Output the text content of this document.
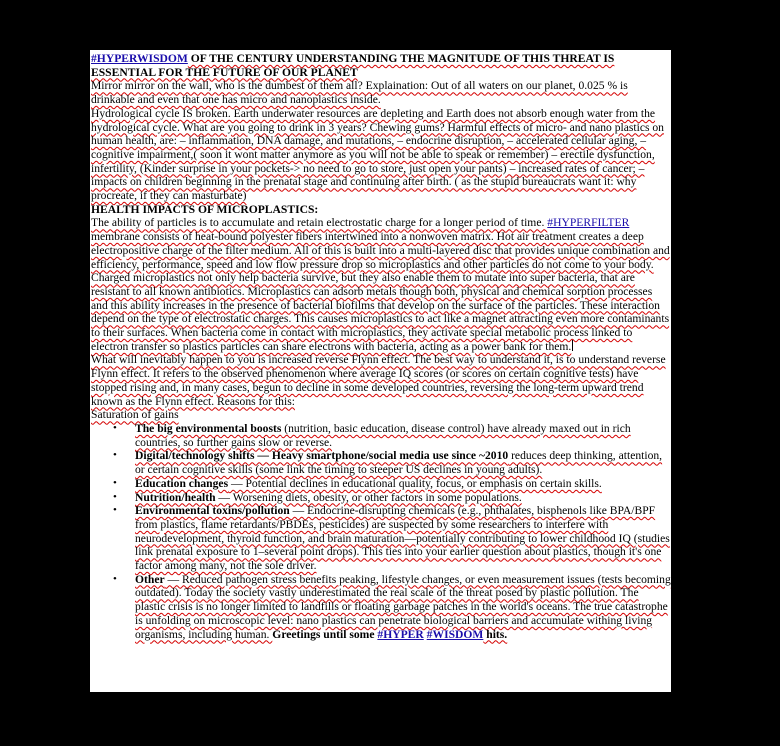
#HYPERWISDOM OF THE CENTURY UNDERSTANDING THE MAGNITUDE OF THIS THREAT IS ESSENTIAL FOR THE FUTURE OF OUR PLANET

Mirror mirror on the wall, who is the dumbest of them all? Explaination: Out of all waters on our planet, 0.025 % is drinkable and even that one has micro and nanoplastics inside.

Hydrological cycle IS broken. Earth underwater resources are depleting and Earth does not absorb enough water from the hydrological cycle. What are you going to drink in 3 years? Chewing gums? Harmful effects of micro- and nano plastics on human health, are: – inflammation, DNA damage, and mutations, – endocrine disruption, – accelerated cellular aging, – cognitive impairment,( soon it wont matter anymore as you will not be able to speak or remember) – erectile dysfunction, infertility, (Kinder surprise in your pockets-> no need to go to store, just open your pants) – increased rates of cancer; – impacts on children beginning in the prenatal stage and continuing after birth. ( as the stupid bureaucrats want it: why procreate, if they can masturbate)

HEALTH IMPACTS OF MICROPLASTICS:

The ability of particles is to accumulate and retain electrostatic charge for a longer period of time. #HYPERFILTER membrane consists of heat-bound polyester fibers intertwined into a nonwoven matrix. Hot air treatment creates a deep electropositive charge of the filter medium. All of this is built into a multi-layered disc that provides unique combination and efficiency, performance, speed and low flow pressure drop so microplastics and other particles do not come to your body.

Charged microplastics not only help bacteria survive, but they also enable them to mutate into super bacteria, that are resistant to all known antibiotics. Microplastics can adsorb metals though both, physical and chemical sorption processes and this ability increases in the presence of bacterial biofilms that develop on the surface of the particles. These interaction depend on the type of electrostatic charges. This causes microplastics to act like a magnet attracting even more contaminants to their surfaces. When bacteria come in contact with microplastics, they activate special metabolic process linked to electron transfer so plastics particles can share electrons with bacteria, acting as a power bank for them.

What will inevitably happen to you is increased reverse Flynn effect. The best way to understand it, is to understand reverse Flynn effect. It refers to the observed phenomenon where average IQ scores (or scores on certain cognitive tests) have stopped rising and, in many cases, begun to decline in some developed countries, reversing the long-term upward trend known as the Flynn effect. Reasons for this:

Saturation of gains

• The big environmental boosts (nutrition, basic education, disease control) have already maxed out in rich countries, so further gains slow or reverse.
• Digital/technology shifts — Heavy smartphone/social media use since ~2010 reduces deep thinking, attention, or certain cognitive skills (some link the timing to steeper US declines in young adults).
• Education changes — Potential declines in educational quality, focus, or emphasis on certain skills.
• Nutrition/health — Worsening diets, obesity, or other factors in some populations.
• Environmental toxins/pollution — Endocrine-disrupting chemicals (e.g., phthalates, bisphenols like BPA/BPF from plastics, flame retardants/PBDEs, pesticides) are suspected by some researchers to interfere with neurodevelopment, thyroid function, and brain maturation—potentially contributing to lower childhood IQ (studies link prenatal exposure to 1–several point drops). This ties into your earlier question about plastics, though it's one factor among many, not the sole driver.
• Other — Reduced pathogen stress benefits peaking, lifestyle changes, or even measurement issues (tests becoming outdated). Today the society vastly underestimated the real scale of the threat posed by plastic pollution. The plastic crisis is no longer limited to landfills or floating garbage patches in the world's oceans. The true catastrophe is unfolding on microscopic level: nano plastics can penetrate biological barriers and accumulate withing living organisms, including human. Greetings until some #HYPER #WISDOM hits.
